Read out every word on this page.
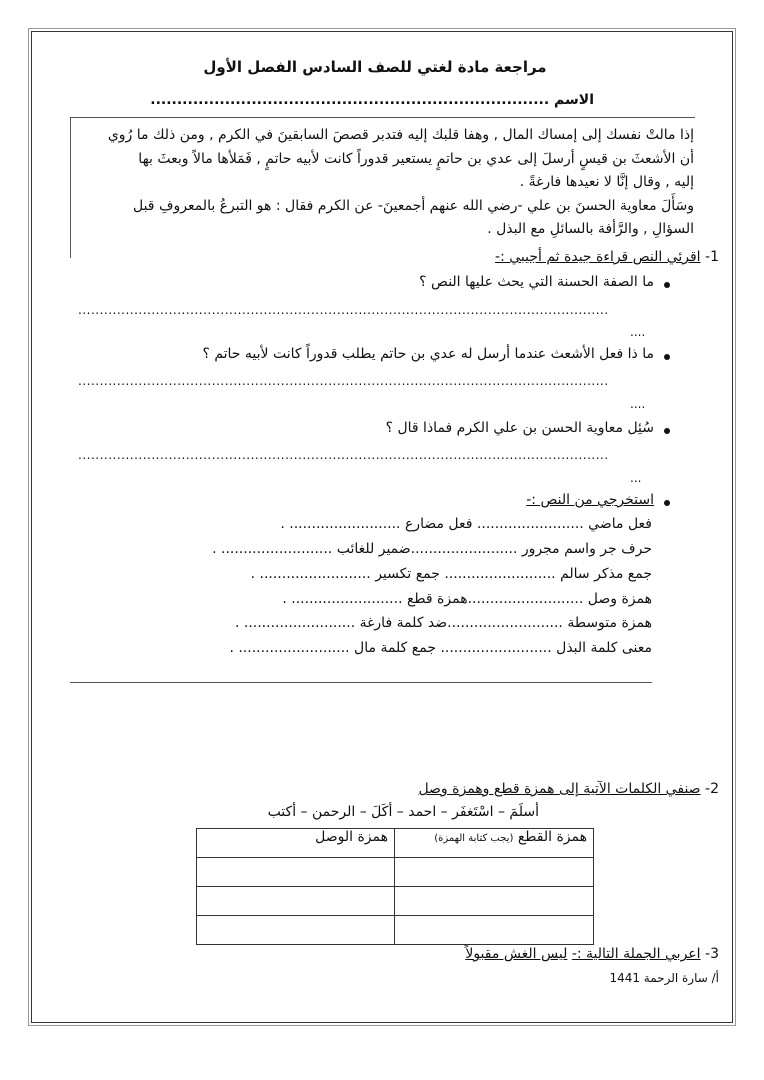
مراجعة مادة لغتي للصف السادس الفصل الأول
الاسم ...........................................................................

إذا مالتْ نفسك إلى إمساك المال , وهفا قلبك إليه فتدبر قصصَ السابقينَ في الكرم , ومن ذلك ما رُوي

أن الأشعثَ بن قيسٍ أرسلَ إلى عدي بن حاتمٍ يستعير قدوراً كانت لأبيه حاتمٍ , فَمَلأها مالاً وبعثَ بها

إليه , وقال إنَّا لا نعيدها فارغةً .

وسَأَلَ معاوية الحسنَ بن علي -رضي الله عنهم أجمعينَ- عن الكرم فقال : هو التبرعُ بالمعروفِ قبل

السؤالِ , والرَّأفة بالسائلِ مع البذل .

1- اقرئي النص قراءة جيدة ثم أجيبي :-
ما الصفة الحسنة التي يحث عليها النص ؟
...........................................................................................................................
....
ما ذا فعل الأشعث عندما أرسل له عدي بن حاتم يطلب قدوراً كانت لأبيه حاتم ؟
...........................................................................................................................
....
سُئِل معاوية الحسن بن علي الكرم فماذا قال ؟
...........................................................................................................................
...
استخرجي من النص :-
فعل ماضي ........................ فعل مضارع ......................... .
حرف جر واسم مجرور ........................ضمير للغائب ......................... .
جمع مذكر سالم ......................... جمع تكسير ......................... .
همزة وصل ..........................همزة قطع ......................... .
همزة متوسطة ..........................ضد كلمة فارغة ......................... .
معنى كلمة البذل ......................... جمع كلمة مال ......................... .
2- صنفي الكلمات الآتية إلى همزة قطع وهمزة وصل
أسلَمَ – اسْتَغفَر – احمد – أكَلَ – الرحمن – أكتب
همزة القطع (يجب كتابة الهمزة)	همزة الوصل

3- اعربي الجملة التالية :- ليس الغش مقبولاً
أ/ سارة الرحمة 1441
